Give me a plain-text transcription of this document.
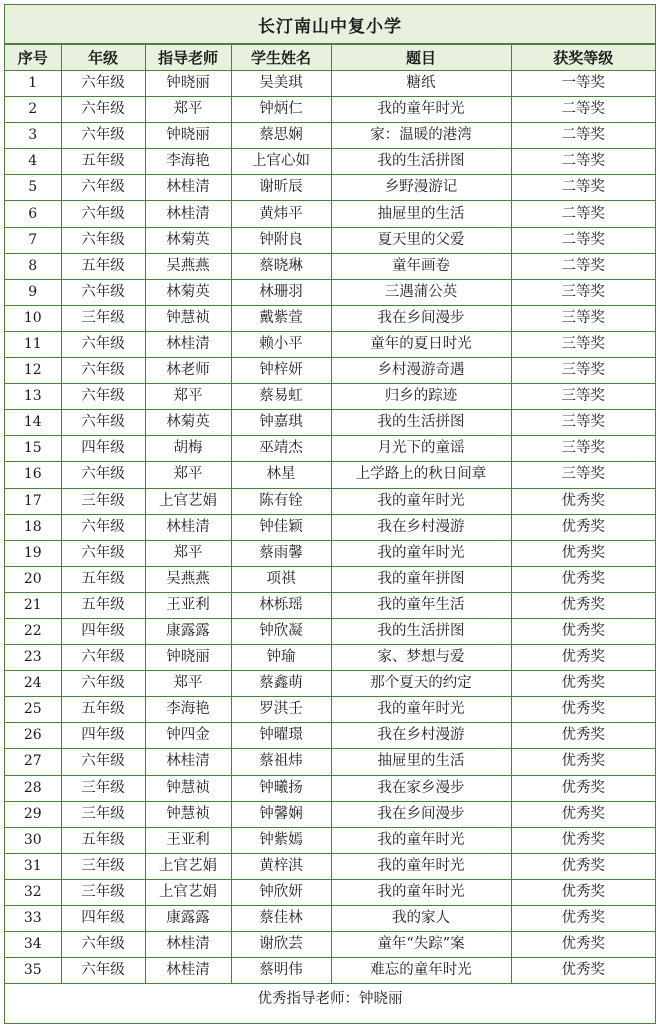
长汀南山中复小学
序号	年级	指导老师	学生姓名	题目	获奖等级
1	六年级	钟晓丽	吴美琪	糖纸	一等奖
2	六年级	郑平	钟炳仁	我的童年时光	二等奖
3	六年级	钟晓丽	蔡思娴	家：温暖的港湾	二等奖
4	五年级	李海艳	上官心如	我的生活拼图	二等奖
5	六年级	林桂清	谢昕辰	乡野漫游记	二等奖
6	六年级	林桂清	黄炜平	抽屉里的生活	二等奖
7	六年级	林菊英	钟附良	夏天里的父爱	二等奖
8	五年级	吴燕燕	蔡晓琳	童年画卷	二等奖
9	六年级	林菊英	林珊羽	三遇蒲公英	三等奖
10	三年级	钟慧祯	戴紫萱	我在乡间漫步	三等奖
11	六年级	林桂清	赖小平	童年的夏日时光	三等奖
12	六年级	林老师	钟梓妍	乡村漫游奇遇	三等奖
13	六年级	郑平	蔡易虹	归乡的踪迹	三等奖
14	六年级	林菊英	钟嘉琪	我的生活拼图	三等奖
15	四年级	胡梅	巫靖杰	月光下的童谣	三等奖
16	六年级	郑平	林星	上学路上的秋日间章	三等奖
17	三年级	上官艺娟	陈有铨	我的童年时光	优秀奖
18	六年级	林桂清	钟佳颖	我在乡村漫游	优秀奖
19	六年级	郑平	蔡雨馨	我的童年时光	优秀奖
20	五年级	吴燕燕	项祺	我的童年拼图	优秀奖
21	五年级	王亚利	林栎瑶	我的童年生活	优秀奖
22	四年级	康露露	钟欣凝	我的生活拼图	优秀奖
23	六年级	钟晓丽	钟瑜	家、梦想与爱	优秀奖
24	六年级	郑平	蔡鑫萌	那个夏天的约定	优秀奖
25	五年级	李海艳	罗淇壬	我的童年时光	优秀奖
26	四年级	钟四金	钟曜璟	我在乡村漫游	优秀奖
27	六年级	林桂清	蔡祖炜	抽屉里的生活	优秀奖
28	三年级	钟慧祯	钟曦扬	我在家乡漫步	优秀奖
29	三年级	钟慧祯	钟馨娴	我在乡间漫步	优秀奖
30	五年级	王亚利	钟紫嫣	我的童年时光	优秀奖
31	三年级	上官艺娟	黄梓淇	我的童年时光	优秀奖
32	三年级	上官艺娟	钟欣妍	我的童年时光	优秀奖
33	四年级	康露露	蔡佳林	我的家人	优秀奖
34	六年级	林桂清	谢欣芸	童年“失踪”案	优秀奖
35	六年级	林桂清	蔡明伟	难忘的童年时光	优秀奖
优秀指导老师：钟晓丽
